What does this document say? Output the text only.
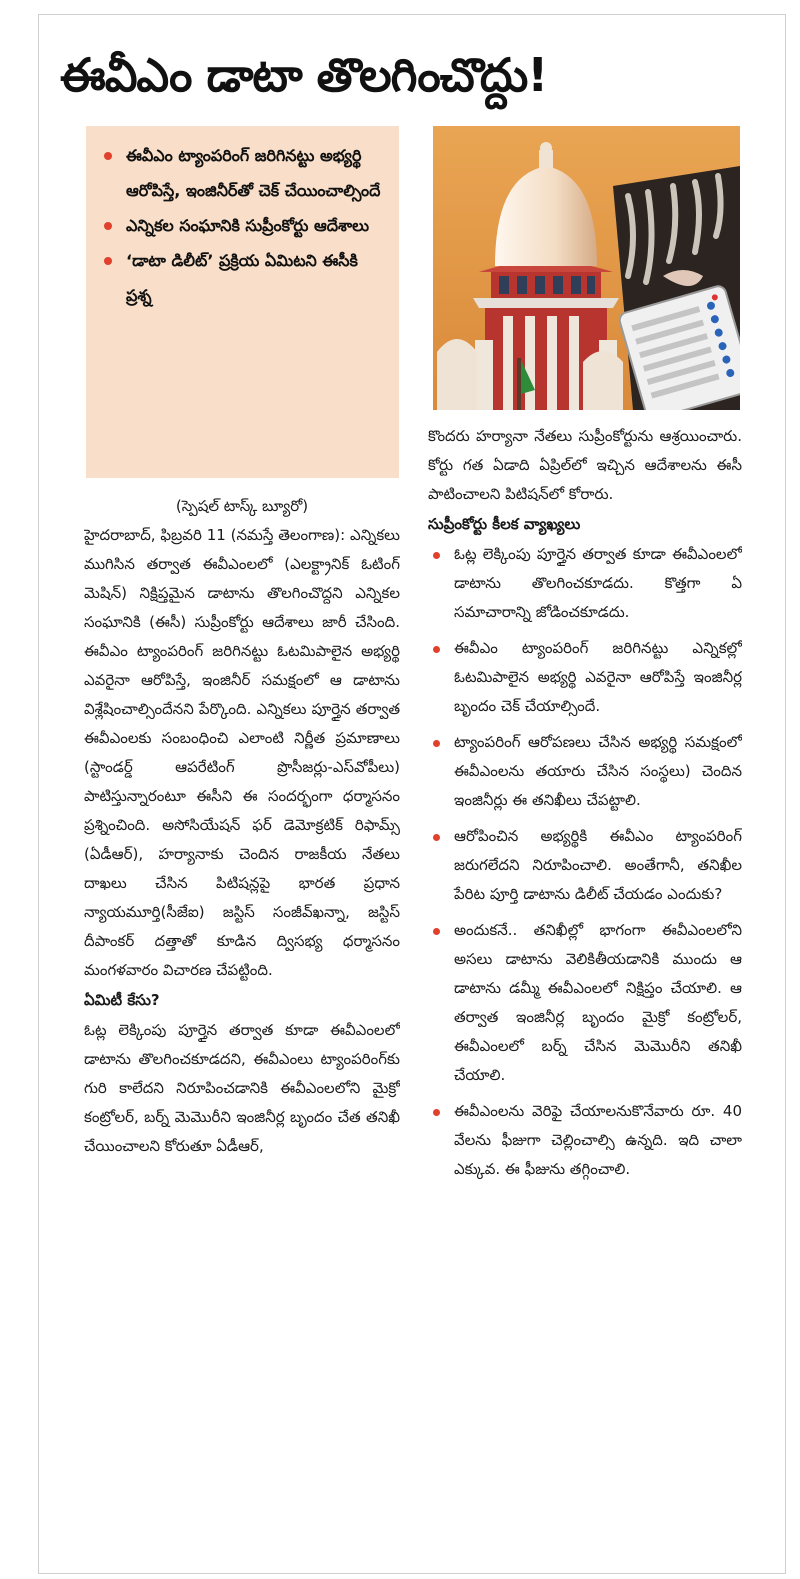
ఈవీఎం డాటా తొలగించొద్దు!
ఈవీఎం ట్యాంపరింగ్ జరిగినట్టు అభ్యర్థి ఆరోపిస్తే, ఇంజినీర్‌తో చెక్ చేయించాల్సిందే
ఎన్నికల సంఘానికి సుప్రీంకోర్టు ఆదేశాలు
‘డాటా డిలీట్’ ప్రక్రియ ఏమిటని ఈసీకి ప్రశ్న
(స్పెషల్ టాస్క్ బ్యూరో)

హైదరాబాద్, ఫిబ్రవరి 11 (నమస్తే తెలంగాణ): ఎన్నికలు ముగిసిన తర్వాత ఈవీఎంలలో (ఎలక్ట్రానిక్ ఓటింగ్ మెషిన్) నిక్షిప్తమైన డాటాను తొలగించొద్దని ఎన్నికల సంఘానికి (ఈసీ) సుప్రీంకోర్టు ఆదేశాలు జారీ చేసింది. ఈవీఎం ట్యాంపరింగ్ జరిగినట్టు ఓటమిపాలైన అభ్యర్థి ఎవరైనా ఆరోపిస్తే, ఇంజినీర్ సమక్షంలో ఆ డాటాను విశ్లేషించాల్సిందేనని పేర్కొంది. ఎన్నికలు పూర్తైన తర్వాత ఈవీఎంలకు సంబంధించి ఎలాంటి నిర్ణీత ప్రమాణాలు (స్టాండర్డ్ ఆపరేటింగ్ ప్రొసీజర్లు-ఎస్‌వోపీలు) పాటిస్తున్నారంటూ ఈసీని ఈ సందర్భంగా ధర్మాసనం ప్రశ్నించింది. అసోసియేషన్ ఫర్ డెమోక్రటిక్ రిఫామ్స్ (ఏడీఆర్), హర్యానాకు చెందిన రాజకీయ నేతలు దాఖలు చేసిన పిటిషన్లపై భారత ప్రధాన న్యాయమూర్తి(సీజేఐ) జస్టిస్ సంజీవ్‌ఖన్నా, జస్టిస్ దీపాంకర్ దత్తాతో కూడిన ద్విసభ్య ధర్మాసనం మంగళవారం విచారణ చేపట్టింది.

ఏమిటీ కేసు?

ఓట్ల లెక్కింపు పూర్తైన తర్వాత కూడా ఈవీఎంలలో డాటాను తొలగించకూడదని, ఈవీఎంలు ట్యాంపరింగ్‌కు గురి కాలేదని నిరూపించడానికి ఈవీఎంలలోని మైక్రో కంట్రోలర్, బర్న్ మెమొరీని ఇంజినీర్ల బృందం చేత తనిఖీ చేయించాలని కోరుతూ ఏడీఆర్,

కొందరు హర్యానా నేతలు సుప్రీంకోర్టును ఆశ్రయించారు. కోర్టు గత ఏడాది ఏప్రిల్‌లో ఇచ్చిన ఆదేశాలను ఈసీ పాటించాలని పిటిషన్‌లో కోరారు.

సుప్రీంకోర్టు కీలక వ్యాఖ్యలు
ఓట్ల లెక్కింపు పూర్తైన తర్వాత కూడా ఈవీఎంలలో డాటాను తొలగించకూడదు. కొత్తగా ఏ సమాచారాన్ని జోడించకూడదు.
ఈవీఎం ట్యాంపరింగ్ జరిగినట్టు ఎన్నికల్లో ఓటమిపాలైన అభ్యర్థి ఎవరైనా ఆరోపిస్తే ఇంజినీర్ల బృందం చెక్ చేయాల్సిందే.
ట్యాంపరింగ్ ఆరోపణలు చేసిన అభ్యర్థి సమక్షంలో ఈవీఎంలను తయారు చేసిన సంస్థలు) చెందిన ఇంజినీర్లు ఈ తనిఖీలు చేపట్టాలి.
ఆరోపించిన అభ్యర్థికి ఈవీఎం ట్యాంపరింగ్ జరుగలేదని నిరూపించాలి. అంతేగానీ, తనిఖీల పేరిట పూర్తి డాటాను డిలీట్ చేయడం ఎందుకు?
అందుకనే.. తనిఖీల్లో భాగంగా ఈవీఎంలలోని అసలు డాటాను వెలికితీయడానికి ముందు ఆ డాటాను డమ్మీ ఈవీఎంలలో నిక్షిప్తం చేయాలి. ఆ తర్వాత ఇంజినీర్ల బృందం మైక్రో కంట్రోలర్, ఈవీఎంలలో బర్న్ చేసిన మెమొరీని తనిఖీ చేయాలి.
ఈవీఎంలను వెరిఫై చేయాలనుకొనేవారు రూ. 40 వేలను ఫీజుగా చెల్లించాల్సి ఉన్నది. ఇది చాలా ఎక్కువ. ఈ ఫీజును తగ్గించాలి.
